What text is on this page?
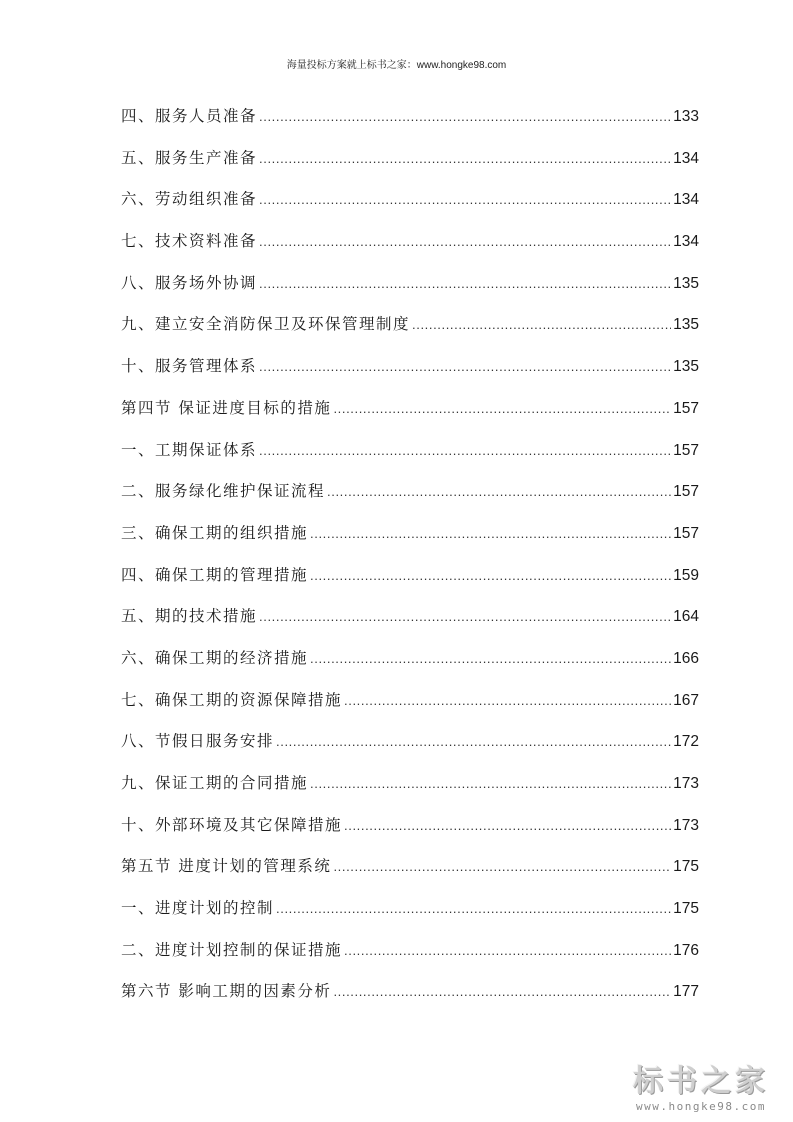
海量投标方案就上标书之家：www.hongke98.com
四、服务人员准备 .....	133
五、服务生产准备 .....	134
六、劳动组织准备 .....	134
七、技术资料准备 .....	134
八、服务场外协调 .....	135
九、建立安全消防保卫及环保管理制度 .....	135
十、服务管理体系 .....	135
第四节 保证进度目标的措施 .....	157
一、工期保证体系 .....	157
二、服务绿化维护保证流程 .....	157
三、确保工期的组织措施 .....	157
四、确保工期的管理措施 .....	159
五、期的技术措施 .....	164
六、确保工期的经济措施 .....	166
七、确保工期的资源保障措施 .....	167
八、节假日服务安排 .....	172
九、保证工期的合同措施 .....	173
十、外部环境及其它保障措施 .....	173
第五节 进度计划的管理系统 .....	175
一、进度计划的控制 .....	175
二、进度计划控制的保证措施 .....	176
第六节 影响工期的因素分析 .....	177
标书之家
www.hongke98.com
